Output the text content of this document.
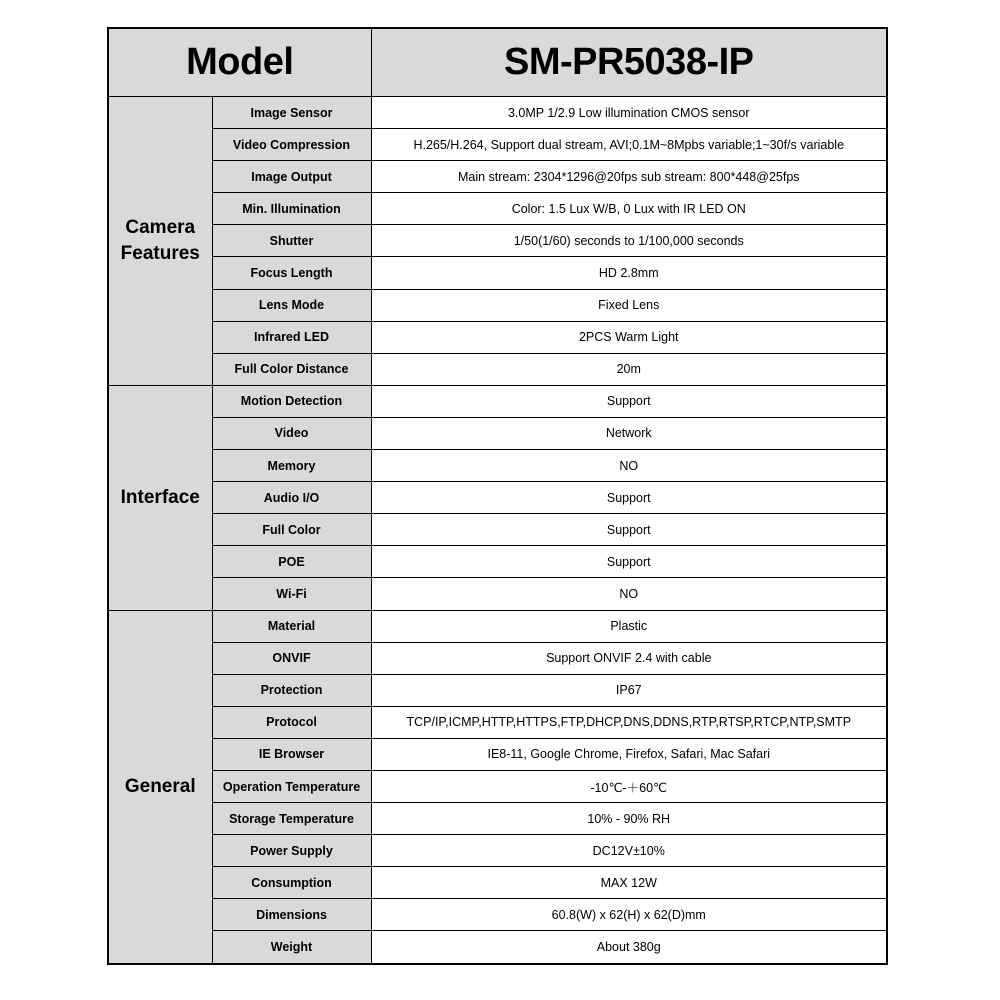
Model		SM-PR5038-IP
Camera Features	Image Sensor	3.0MP 1/2.9 Low illumination CMOS sensor
	Video Compression	H.265/H.264, Support dual stream, AVI;0.1M~8Mpbs variable;1~30f/s variable
	Image Output	Main stream: 2304*1296@20fps sub stream: 800*448@25fps
	Min. Illumination	Color: 1.5 Lux W/B, 0 Lux with IR LED ON
	Shutter	1/50(1/60) seconds to 1/100,000 seconds
	Focus Length	HD 2.8mm
	Lens Mode	Fixed Lens
	Infrared LED	2PCS Warm Light
	Full Color Distance	20m
Interface	Motion Detection	Support
	Video	Network
	Memory	NO
	Audio I/O	Support
	Full Color	Support
	POE	Support
	Wi-Fi	NO
General	Material	Plastic
	ONVIF	Support ONVIF 2.4 with cable
	Protection	IP67
	Protocol	TCP/IP,ICMP,HTTP,HTTPS,FTP,DHCP,DNS,DDNS,RTP,RTSP,RTCP,NTP,SMTP
	IE Browser	IE8-11, Google Chrome, Firefox, Safari, Mac Safari
	Operation Temperature	-10℃-＋60℃
	Storage Temperature	10% - 90% RH
	Power Supply	DC12V±10%
	Consumption	MAX 12W
	Dimensions	60.8(W) x 62(H) x 62(D)mm
	Weight	About 380g
